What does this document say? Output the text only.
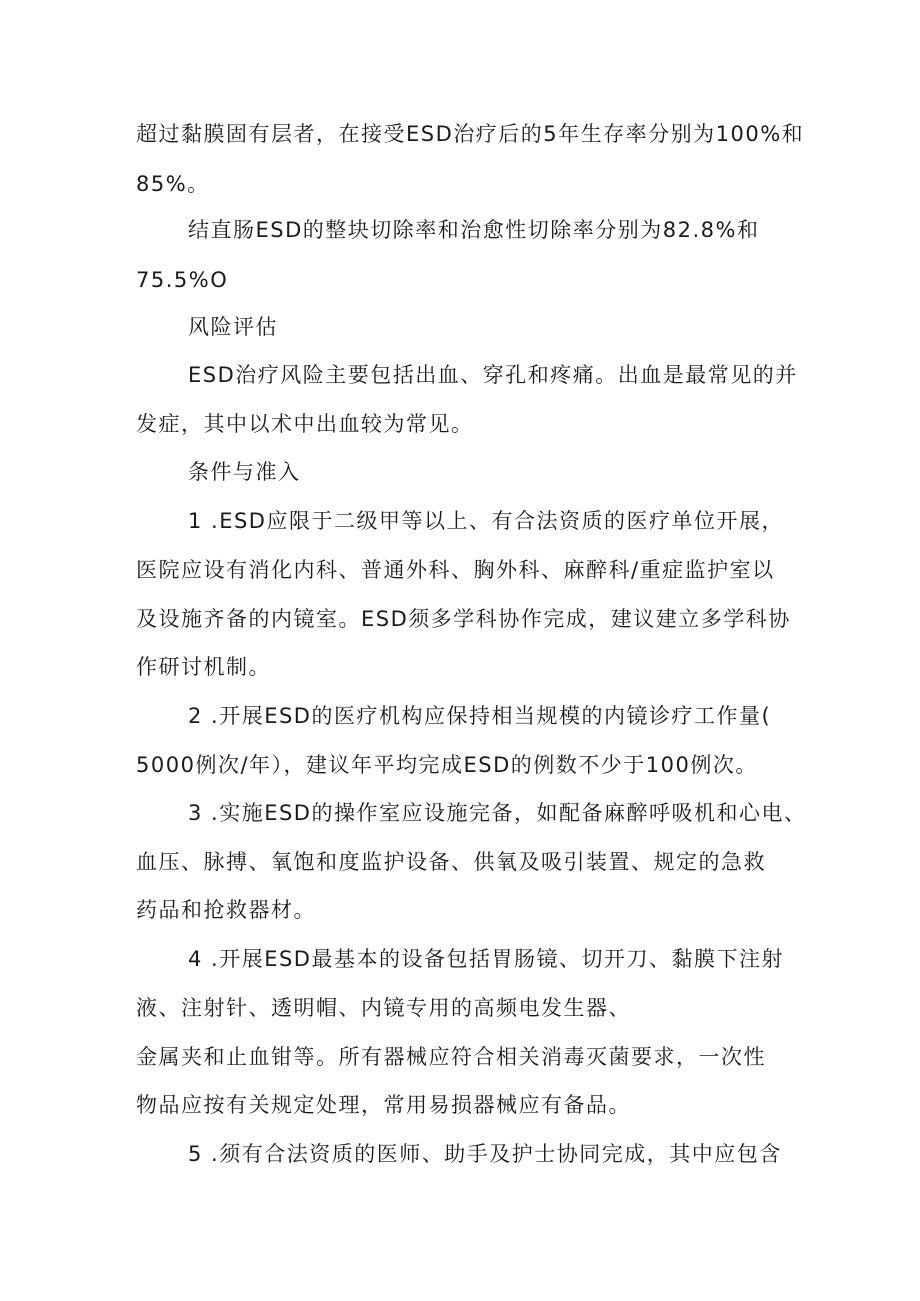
超过黏膜固有层者，在接受ESD治疗后的5年生存率分别为100%和
85%。
结直肠ESD的整块切除率和治愈性切除率分别为82.8%和
75.5%O
风险评估
ESD治疗风险主要包括出血、穿孔和疼痛。出血是最常见的并
发症，其中以术中出血较为常见。
条件与准入
1 .ESD应限于二级甲等以上、有合法资质的医疗单位开展，
医院应设有消化内科、普通外科、胸外科、麻醉科/重症监护室以
及设施齐备的内镜室。ESD须多学科协作完成，建议建立多学科协
作研讨机制。
2 .开展ESD的医疗机构应保持相当规模的内镜诊疗工作量(
5000例次/年），建议年平均完成ESD的例数不少于100例次。
3 .实施ESD的操作室应设施完备，如配备麻醉呼吸机和心电、
血压、脉搏、氧饱和度监护设备、供氧及吸引装置、规定的急救
药品和抢救器材。
4 .开展ESD最基本的设备包括胃肠镜、切开刀、黏膜下注射
液、注射针、透明帽、内镜专用的高频电发生器、
金属夹和止血钳等。所有器械应符合相关消毒灭菌要求，一次性
物品应按有关规定处理，常用易损器械应有备品。
5 .须有合法资质的医师、助手及护士协同完成，其中应包含
